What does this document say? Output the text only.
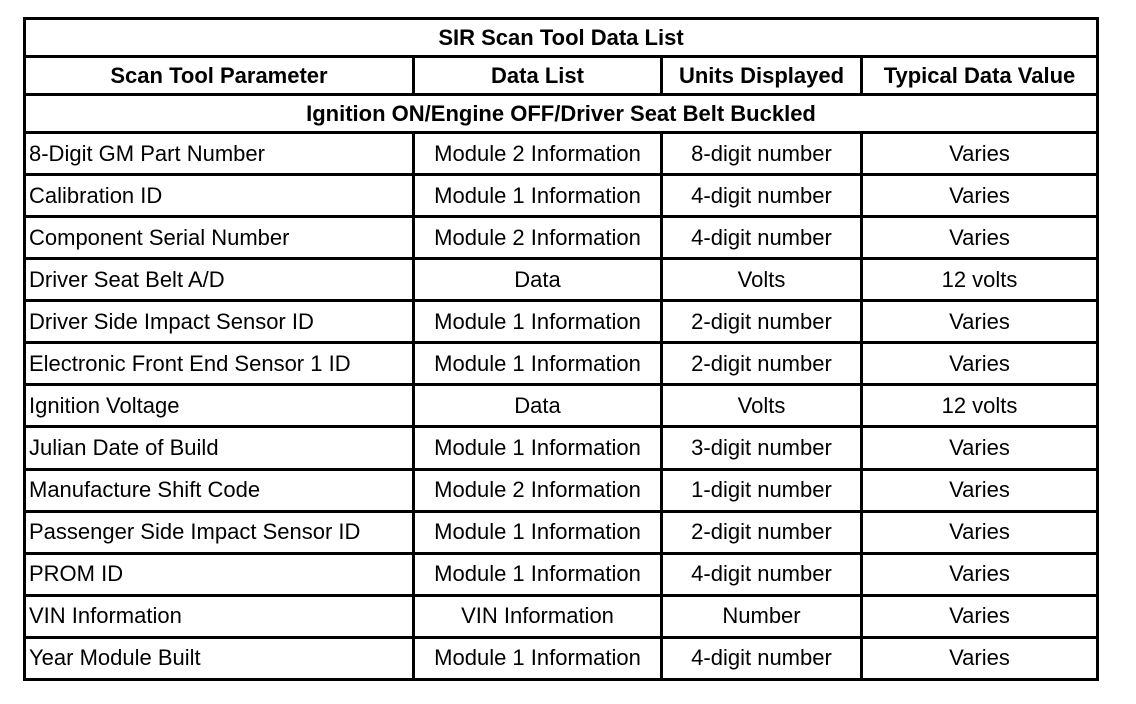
SIR Scan Tool Data List			
Scan Tool Parameter	Data List	Units Displayed	Typical Data Value
Ignition ON/Engine OFF/Driver Seat Belt Buckled			
8-Digit GM Part Number	Module 2 Information	8-digit number	Varies
Calibration ID	Module 1 Information	4-digit number	Varies
Component Serial Number	Module 2 Information	4-digit number	Varies
Driver Seat Belt A/D	Data	Volts	12 volts
Driver Side Impact Sensor ID	Module 1 Information	2-digit number	Varies
Electronic Front End Sensor 1 ID	Module 1 Information	2-digit number	Varies
Ignition Voltage	Data	Volts	12 volts
Julian Date of Build	Module 1 Information	3-digit number	Varies
Manufacture Shift Code	Module 2 Information	1-digit number	Varies
Passenger Side Impact Sensor ID	Module 1 Information	2-digit number	Varies
PROM ID	Module 1 Information	4-digit number	Varies
VIN Information	VIN Information	Number	Varies
Year Module Built	Module 1 Information	4-digit number	Varies
